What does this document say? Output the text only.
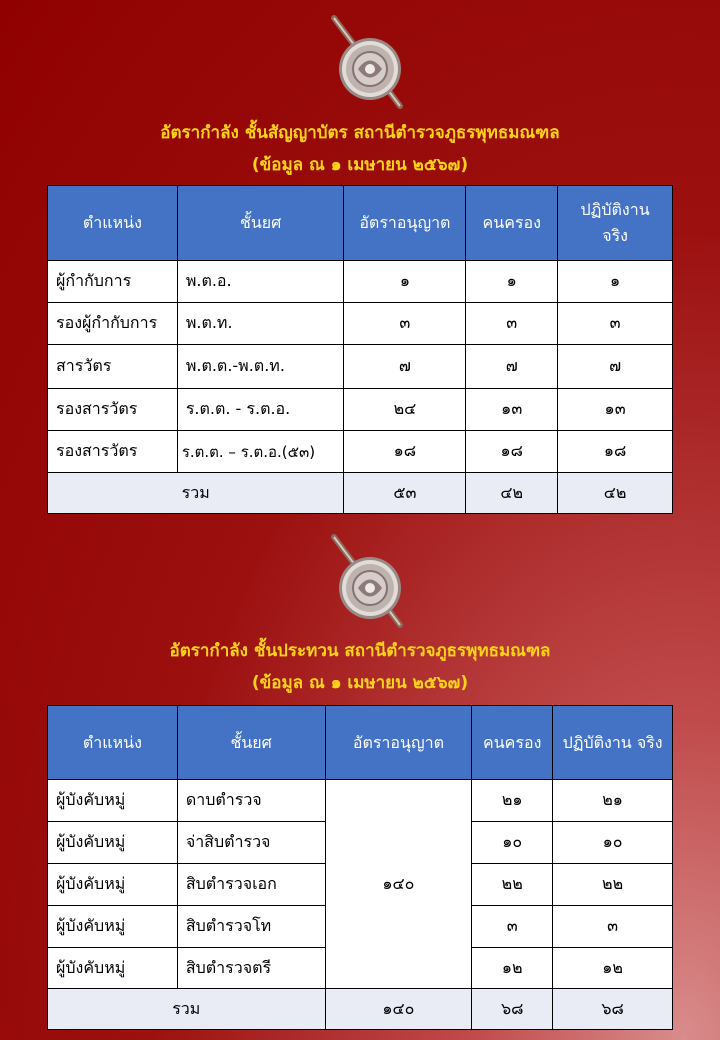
อัตรากำลัง ชั้นสัญญาบัตร สถานีตำรวจภูธรพุทธมณฑล
(ข้อมูล ณ ๑ เมษายน ๒๕๖๗)
ตำแหน่ง	ชั้นยศ	อัตราอนุญาต	คนครอง	ปฏิบัติงาน จริง
ผู้กำกับการ	พ.ต.อ.	๑	๑	๑
รองผู้กำกับการ	พ.ต.ท.	๓	๓	๓
สารวัตร	พ.ต.ต.-พ.ต.ท.	๗	๗	๗
รองสารวัตร	ร.ต.ต. - ร.ต.อ.	๒๔	๑๓	๑๓
รองสารวัตร	ร.ต.ต. – ร.ต.อ.(๕๓)	๑๘	๑๘	๑๘
รวม		๕๓	๔๒	๔๒
อัตรากำลัง ชั้นประทวน สถานีตำรวจภูธรพุทธมณฑล
(ข้อมูล ณ ๑ เมษายน ๒๕๖๗)
ตำแหน่ง	ชั้นยศ	อัตราอนุญาต	คนครอง	ปฏิบัติงาน จริง
ผู้บังคับหมู่	ดาบตำรวจ	๑๔๐	๒๑	๒๑
ผู้บังคับหมู่	จ่าสิบตำรวจ		๑๐	๑๐
ผู้บังคับหมู่	สิบตำรวจเอก		๒๒	๒๒
ผู้บังคับหมู่	สิบตำรวจโท		๓	๓
ผู้บังคับหมู่	สิบตำรวจตรี		๑๒	๑๒
รวม		๑๔๐	๖๘	๖๘
